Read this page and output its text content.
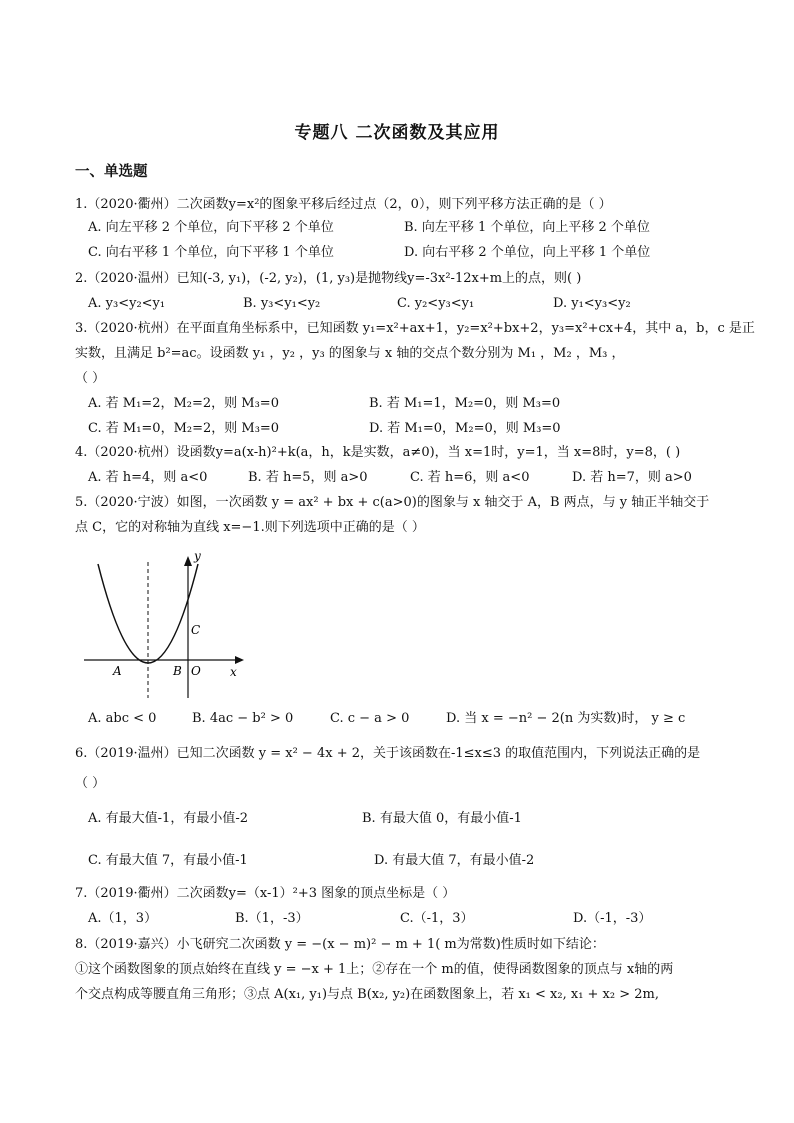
专题八 二次函数及其应用
一、单选题
1.（2020·衢州）二次函数y=x²的图象平移后经过点（2，0），则下列平移方法正确的是（ ）
A. 向左平移 2 个单位，向下平移 2 个单位	B. 向左平移 1 个单位，向上平移 2 个单位
C. 向右平移 1 个单位，向下平移 1 个单位	D. 向右平移 2 个单位，向上平移 1 个单位
2.（2020·温州）已知(-3, y₁)，(-2, y₂)，(1, y₃)是抛物线y=-3x²-12x+m上的点，则( )
A. y₃<y₂<y₁	B. y₃<y₁<y₂	C. y₂<y₃<y₁	D. y₁<y₃<y₂
3.（2020·杭州）在平面直角坐标系中，已知函数 y₁=x²+ax+1，y₂=x²+bx+2，y₃=x²+cx+4，其中 a，b，c 是正
实数，且满足 b²=ac。设函数 y₁ ，y₂ ，y₃ 的图象与 x 轴的交点个数分别为 M₁ ，M₂ ，M₃ ，
（ ）
A. 若 M₁=2，M₂=2，则 M₃=0	B. 若 M₁=1，M₂=0，则 M₃=0
C. 若 M₁=0，M₂=2，则 M₃=0	D. 若 M₁=0，M₂=0，则 M₃=0
4.（2020·杭州）设函数y=a(x-h)²+k(a，h，k是实数，a≠0)，当 x=1时，y=1，当 x=8时，y=8，( )
A. 若 h=4，则 a<0	B. 若 h=5，则 a>0	C. 若 h=6，则 a<0	D. 若 h=7，则 a>0
5.（2020·宁波）如图，一次函数 y = ax² + bx + c(a>0)的图象与 x 轴交于 A，B 两点，与 y 轴正半轴交于
点 C，它的对称轴为直线 x=−1.则下列选项中正确的是（ ）
y
x
C
A	B O
A. abc < 0	B. 4ac − b² > 0	C. c − a > 0	D. 当 x = −n² − 2(n 为实数)时， y ≥ c
6.（2019·温州）已知二次函数 y = x² − 4x + 2，关于该函数在-1≤x≤3 的取值范围内，下列说法正确的是
（ ）
A. 有最大值-1，有最小值-2	B. 有最大值 0，有最小值-1
C. 有最大值 7，有最小值-1	D. 有最大值 7，有最小值-2
7.（2019·衢州）二次函数y=（x-1）²+3 图象的顶点坐标是（ ）
A.（1，3）	B.（1，-3）	C.（-1，3）	D.（-1，-3）
8.（2019·嘉兴）小飞研究二次函数 y = −(x − m)² − m + 1( m为常数)性质时如下结论：
①这个函数图象的顶点始终在直线 y = −x + 1上；②存在一个 m的值，使得函数图象的顶点与 x轴的两
个交点构成等腰直角三角形；③点 A(x₁, y₁)与点 B(x₂, y₂)在函数图象上，若 x₁ < x₂, x₁ + x₂ > 2m,
